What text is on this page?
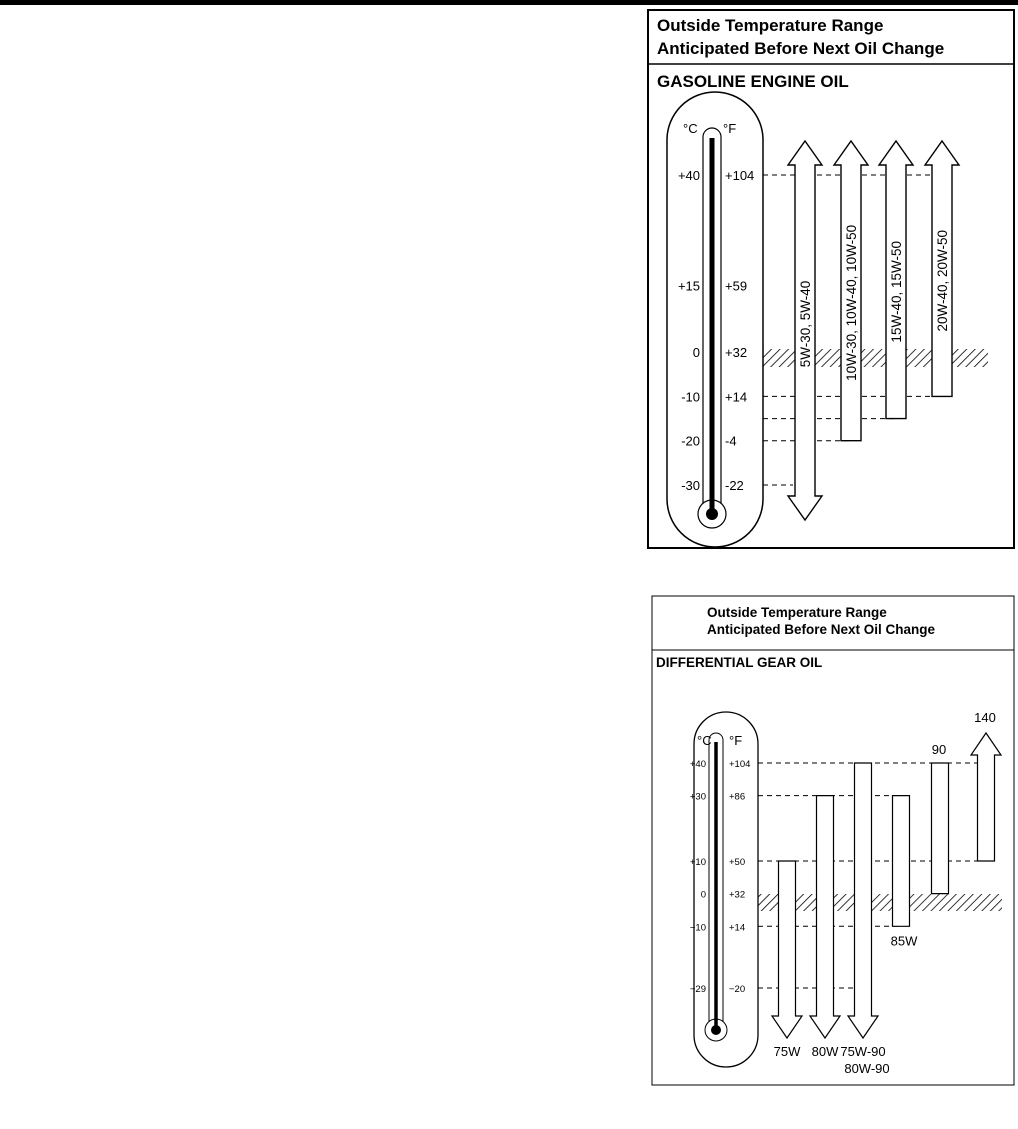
Outside Temperature Range
Anticipated Before Next Oil Change
GASOLINE ENGINE OIL
°C °F
+40 +104
+15 +59
0 +32
-10 +14
-20 -4
-30 -22
5W-30, 5W-40 10W-30, 10W-40, 10W-50 15W-40, 15W-50 20W-40, 20W-50
Outside Temperature Range
Anticipated Before Next Oil Change
DIFFERENTIAL GEAR OIL
°C °F
+40 +104
+30 +86
+10 +50
0 +32
−10 +14
−29 −20
75W 80W 75W-90
80W-90
85W
90
140
